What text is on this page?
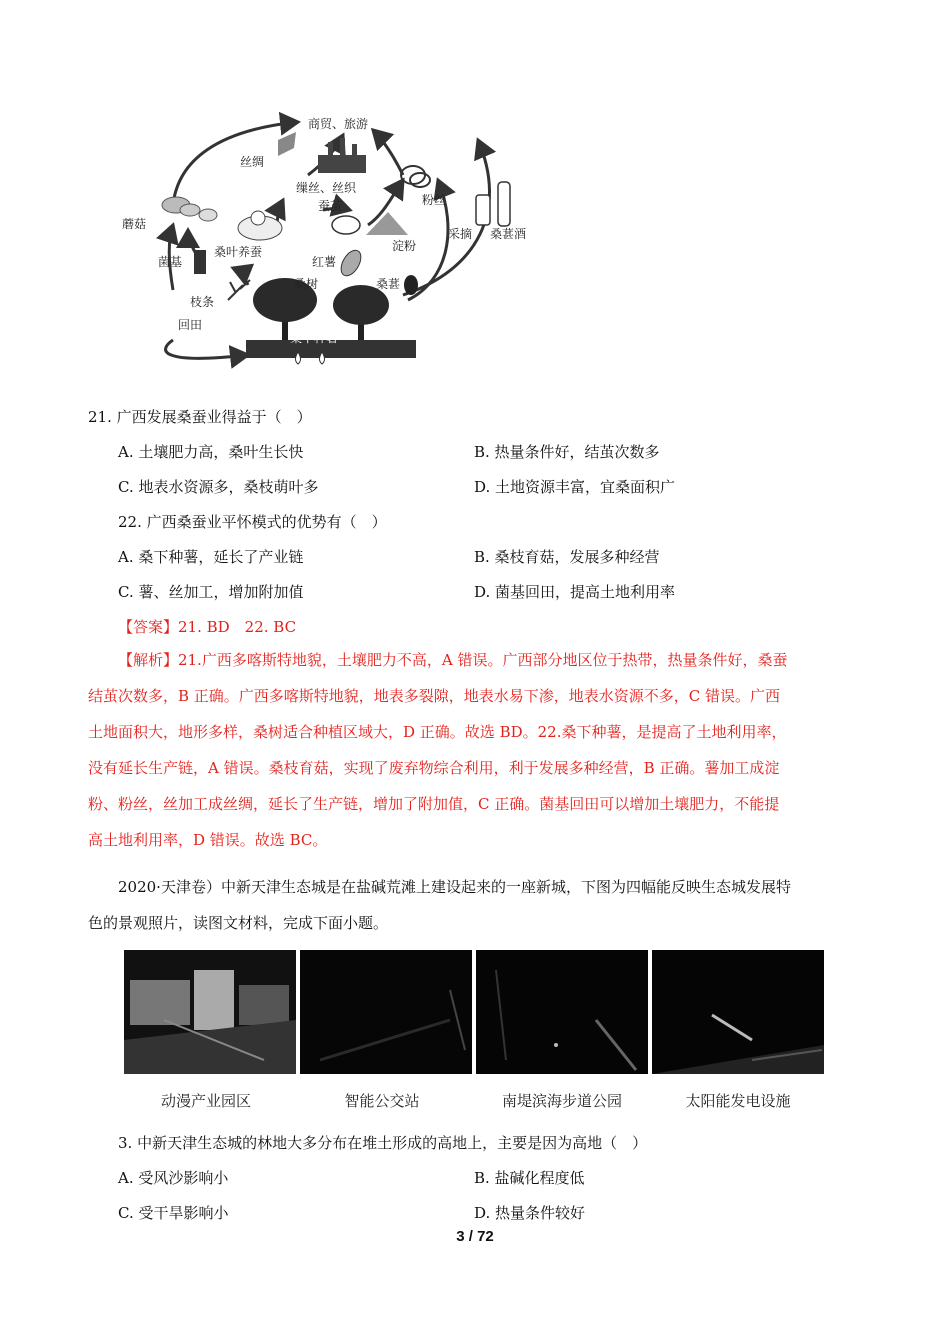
商贸、旅游
丝绸
缫丝、丝织
粉丝
蘑菇
蚕茧
桑叶养蚕
采摘 桑葚酒
菌基	红薯
淀粉
枝条
桑树	桑葚
回田
桑下种薯
21. 广西发展桑蚕业得益于（　）
A. 土壤肥力高，桑叶生长快	B. 热量条件好，结茧次数多
C. 地表水资源多，桑枝萌叶多	D. 土地资源丰富，宜桑面积广
22. 广西桑蚕业平怀模式的优势有（　）
A. 桑下种薯，延长了产业链	B. 桑枝育菇，发展多种经营
C. 薯、丝加工，增加附加值	D. 菌基回田，提高土地利用率
【答案】21. BD　22. BC
【解析】21.广西多喀斯特地貌，土壤肥力不高，A 错误。广西部分地区位于热带，热量条件好，桑蚕
结茧次数多，B 正确。广西多喀斯特地貌，地表多裂隙，地表水易下渗，地表水资源不多，C 错误。广西
土地面积大，地形多样，桑树适合种植区域大，D 正确。故选 BD。22.桑下种薯，是提高了土地利用率，
没有延长生产链，A 错误。桑枝育菇，实现了废弃物综合利用，利于发展多种经营，B 正确。薯加工成淀
粉、粉丝，丝加工成丝绸，延长了生产链，增加了附加值，C 正确。菌基回田可以增加土壤肥力，不能提
高土地利用率，D 错误。故选 BC。
2020·天津卷）中新天津生态城是在盐碱荒滩上建设起来的一座新城，下图为四幅能反映生态城发展特
色的景观照片，读图文材料，完成下面小题。
动漫产业园区	智能公交站	南堤滨海步道公园	太阳能发电设施
3. 中新天津生态城的林地大多分布在堆土形成的高地上，主要是因为高地（　）
A. 受风沙影响小	B. 盐碱化程度低
C. 受干旱影响小	D. 热量条件较好
3 / 72
